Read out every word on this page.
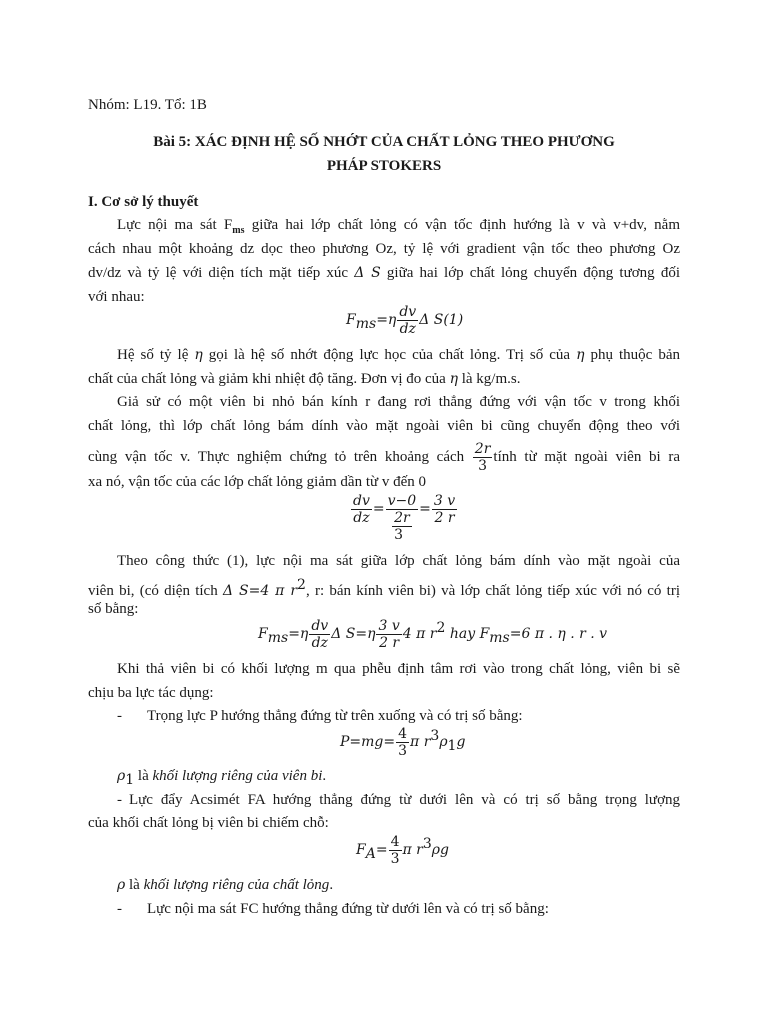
Nhóm: L19. Tổ: 1B
Bài 5: XÁC ĐỊNH HỆ SỐ NHỚT CỦA CHẤT LỎNG THEO PHƯƠNG
PHÁP STOKERS
I. Cơ sở lý thuyết
Lực nội ma sát $F_{ms}$ giữa hai lớp chất lỏng có vận tốc định hướng là v và v+dv, nằm
cách nhau một khoảng dz dọc theo phương Oz, tỷ lệ với gradient vận tốc theo phương Oz
dv/dz và tỷ lệ với diện tích mặt tiếp xúc Δ S giữa hai lớp chất lỏng chuyển động tương đối
với nhau:
$F_{ms}=\eta \frac{dv}{dz}$ Δ S(1)
Hệ số tỷ lệ η gọi là hệ số nhớt động lực học của chất lỏng. Trị số của η phụ thuộc bản
chất của chất lỏng và giảm khi nhiệt độ tăng. Đơn vị đo của η là kg/m.s.
Giả sử có một viên bi nhỏ bán kính r đang rơi thẳng đứng với vận tốc v trong khối
chất lỏng, thì lớp chất lỏng bám dính vào mặt ngoài viên bi cũng chuyển động theo với
cùng vận tốc v. Thực nghiệm chứng tỏ trên khoảng cách $\frac{2r}{3}$ tính từ mặt ngoài viên bi ra
xa nó, vận tốc của các lớp chất lỏng giảm dần từ v đến 0
$\frac{dv}{dz} = \frac{v-0}{\frac{2r}{3}} = \frac{3 v}{2 r}$
Theo công thức (1), lực nội ma sát giữa lớp chất lỏng bám dính vào mặt ngoài của
viên bi, (có diện tích Δ S=4 π $r^2$, r: bán kính viên bi) và lớp chất lỏng tiếp xúc với nó có trị
số bằng:
$F_{ms}=\eta \frac{dv}{dz}$ Δ $S=\eta \frac{3 v}{2 r} 4$ π $r^2$ hay $F_{ms}=6$ π . η . r . v
Khi thả viên bi có khối lượng m qua phễu định tâm rơi vào trong chất lỏng, viên bi sẽ
chịu ba lực tác dụng:
- Trọng lực P hướng thẳng đứng từ trên xuống và có trị số bằng:
$P=mg= \frac{4}{3}$ π $r^3\rho_1g$
$\rho_1$ là khối lượng riêng của viên bi.
- Lực đẩy Acsimét FA hướng thẳng đứng từ dưới lên và có trị số bằng trọng lượng
của khối chất lỏng bị viên bi chiếm chỗ:
$F_A= \frac{4}{3}$ π $r^3\rho g$
ρ là khối lượng riêng của chất lỏng.
- Lực nội ma sát FC hướng thẳng đứng từ dưới lên và có trị số bằng:
